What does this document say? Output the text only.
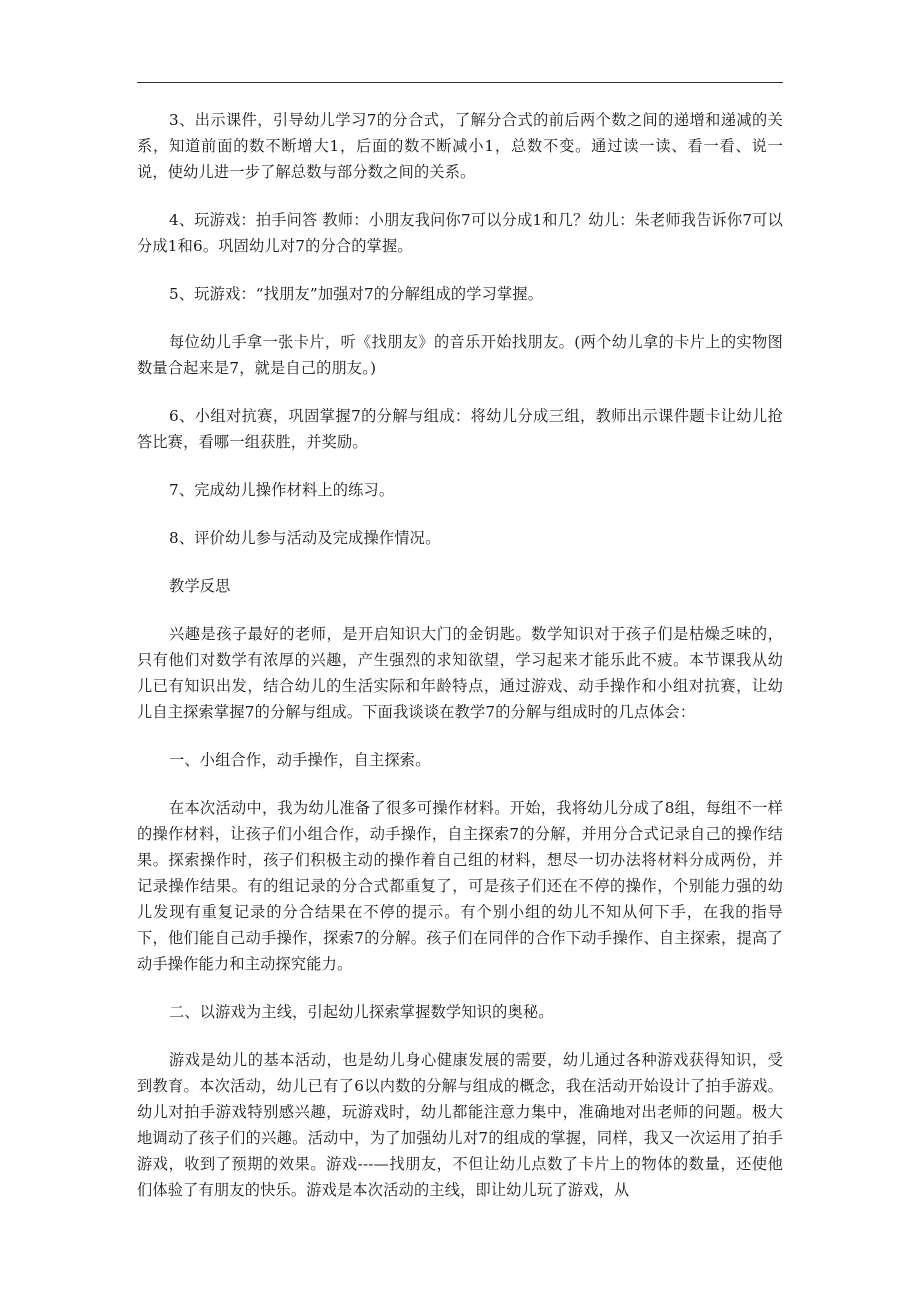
3、出示课件，引导幼儿学习7的分合式，了解分合式的前后两个数之间的递增和递减的关系，知道前面的数不断增大1，后面的数不断减小1，总数不变。通过读一读、看一看、说一说，使幼儿进一步了解总数与部分数之间的关系。

4、玩游戏：拍手问答 教师：小朋友我问你7可以分成1和几？幼儿：朱老师我告诉你7可以分成1和6。巩固幼儿对7的分合的掌握。

5、玩游戏：“找朋友”加强对7的分解组成的学习掌握。

每位幼儿手拿一张卡片，听《找朋友》的音乐开始找朋友。(两个幼儿拿的卡片上的实物图数量合起来是7，就是自己的朋友。)

6、小组对抗赛，巩固掌握7的分解与组成：将幼儿分成三组，教师出示课件题卡让幼儿抢答比赛，看哪一组获胜，并奖励。

7、完成幼儿操作材料上的练习。

8、评价幼儿参与活动及完成操作情况。

教学反思

兴趣是孩子最好的老师，是开启知识大门的金钥匙。数学知识对于孩子们是枯燥乏味的，只有他们对数学有浓厚的兴趣，产生强烈的求知欲望，学习起来才能乐此不疲。本节课我从幼儿已有知识出发，结合幼儿的生活实际和年龄特点，通过游戏、动手操作和小组对抗赛，让幼儿自主探索掌握7的分解与组成。下面我谈谈在教学7的分解与组成时的几点体会：

一、小组合作，动手操作，自主探索。

在本次活动中，我为幼儿准备了很多可操作材料。开始，我将幼儿分成了8组，每组不一样的操作材料，让孩子们小组合作，动手操作，自主探索7的分解，并用分合式记录自己的操作结果。探索操作时，孩子们积极主动的操作着自己组的材料，想尽一切办法将材料分成两份，并记录操作结果。有的组记录的分合式都重复了，可是孩子们还在不停的操作，个别能力强的幼儿发现有重复记录的分合结果在不停的提示。有个别小组的幼儿不知从何下手，在我的指导下，他们能自己动手操作，探索7的分解。孩子们在同伴的合作下动手操作、自主探索，提高了动手操作能力和主动探究能力。

二、以游戏为主线，引起幼儿探索掌握数学知识的奥秘。

游戏是幼儿的基本活动，也是幼儿身心健康发展的需要，幼儿通过各种游戏获得知识，受到教育。本次活动，幼儿已有了6以内数的分解与组成的概念，我在活动开始设计了拍手游戏。幼儿对拍手游戏特别感兴趣，玩游戏时，幼儿都能注意力集中，准确地对出老师的问题。极大地调动了孩子们的兴趣。活动中，为了加强幼儿对7的组成的掌握，同样，我又一次运用了拍手游戏，收到了预期的效果。游戏---—找朋友，不但让幼儿点数了卡片上的物体的数量，还使他们体验了有朋友的快乐。游戏是本次活动的主线，即让幼儿玩了游戏，从
